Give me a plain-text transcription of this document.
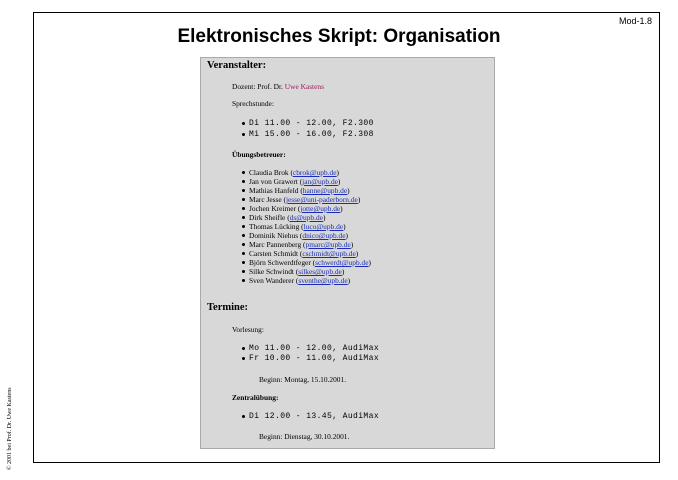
Mod-1.8
Elektronisches Skript: Organisation
© 2001 bei Prof. Dr. Uwe Kastens
Veranstalter:
Dozent: Prof. Dr. Uwe Kastens
Sprechstunde:
Di 11.00 - 12.00, F2.300
Mi 15.00 - 16.00, F2.308
Übungsbetreuer:
Claudia Brok (cbrok@upb.de)
Jan von Grawert (jan@upb.de)
Mathias Hanfeld (hanne@upb.de)
Marc Jesse (jesse@uni-paderborn.de)
Jochen Kreimer (jotte@upb.de)
Dirk Sheifle (ds@upb.de)
Thomas Lücking (luco@upb.de)
Dominik Niehus (dnico@upb.de)
Marc Pannenberg (pmarc@upb.de)
Carsten Schmidt (cschmidt@upb.de)
Björn Schwerdtfeger (schwerdt@upb.de)
Silke Schwindt (silkes@upb.de)
Sven Wanderer (sventhe@upb.de)
Termine:
Vorlesung:
Mo 11.00 - 12.00, AudiMax
Fr 10.00 - 11.00, AudiMax
Beginn: Montag, 15.10.2001.
Zentralübung:
Di 12.00 - 13.45, AudiMax
Beginn: Dienstag, 30.10.2001.
